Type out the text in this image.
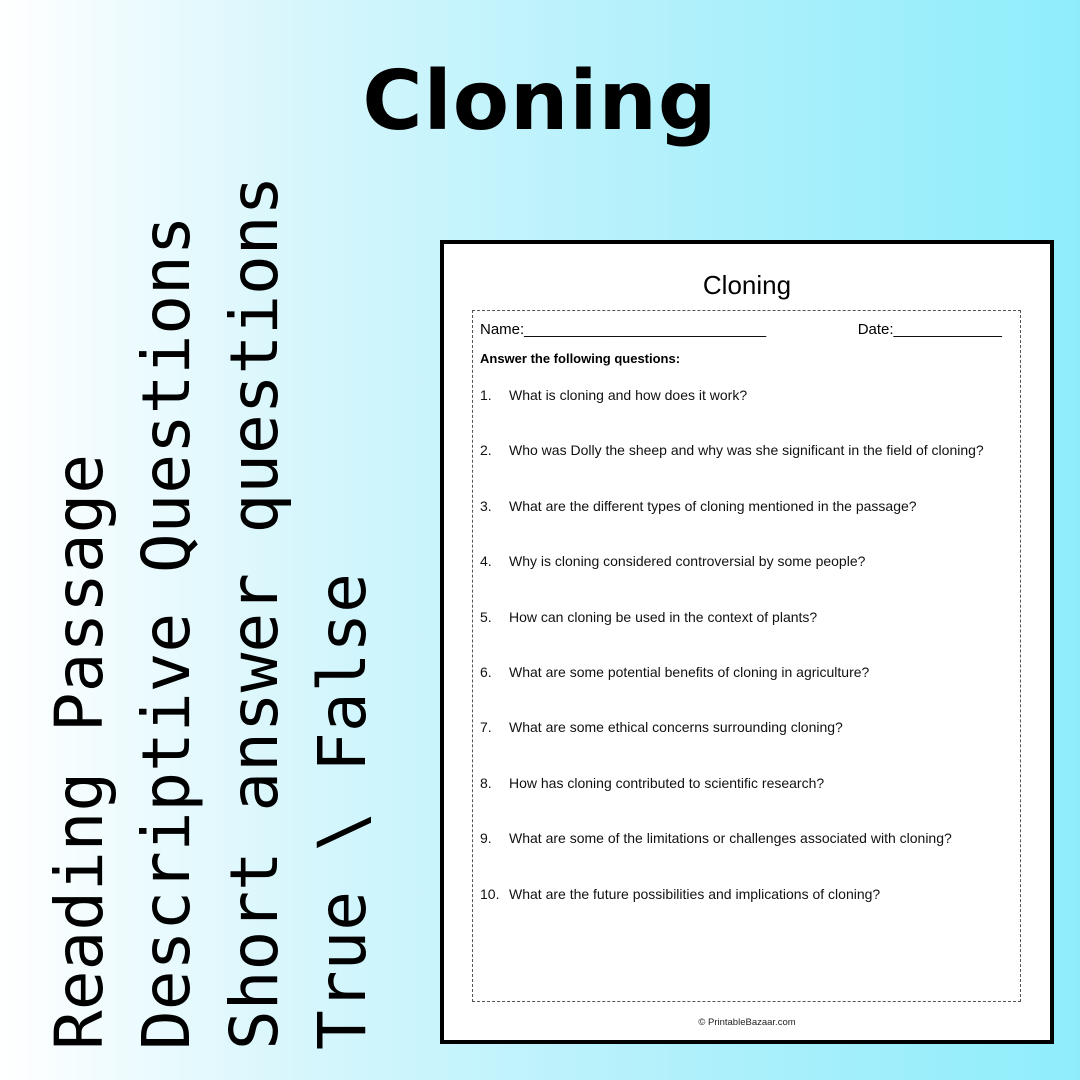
Cloning
Reading Passage Descriptive Questions Short answer questions True \ False
Cloning
Name:_____________________________	Date:_____________
Answer the following questions:
1. What is cloning and how does it work?
2. Who was Dolly the sheep and why was she significant in the field of cloning?
3. What are the different types of cloning mentioned in the passage?
4. Why is cloning considered controversial by some people?
5. How can cloning be used in the context of plants?
6. What are some potential benefits of cloning in agriculture?
7. What are some ethical concerns surrounding cloning?
8. How has cloning contributed to scientific research?
9. What are some of the limitations or challenges associated with cloning?
10. What are the future possibilities and implications of cloning?
© PrintableBazaar.com
